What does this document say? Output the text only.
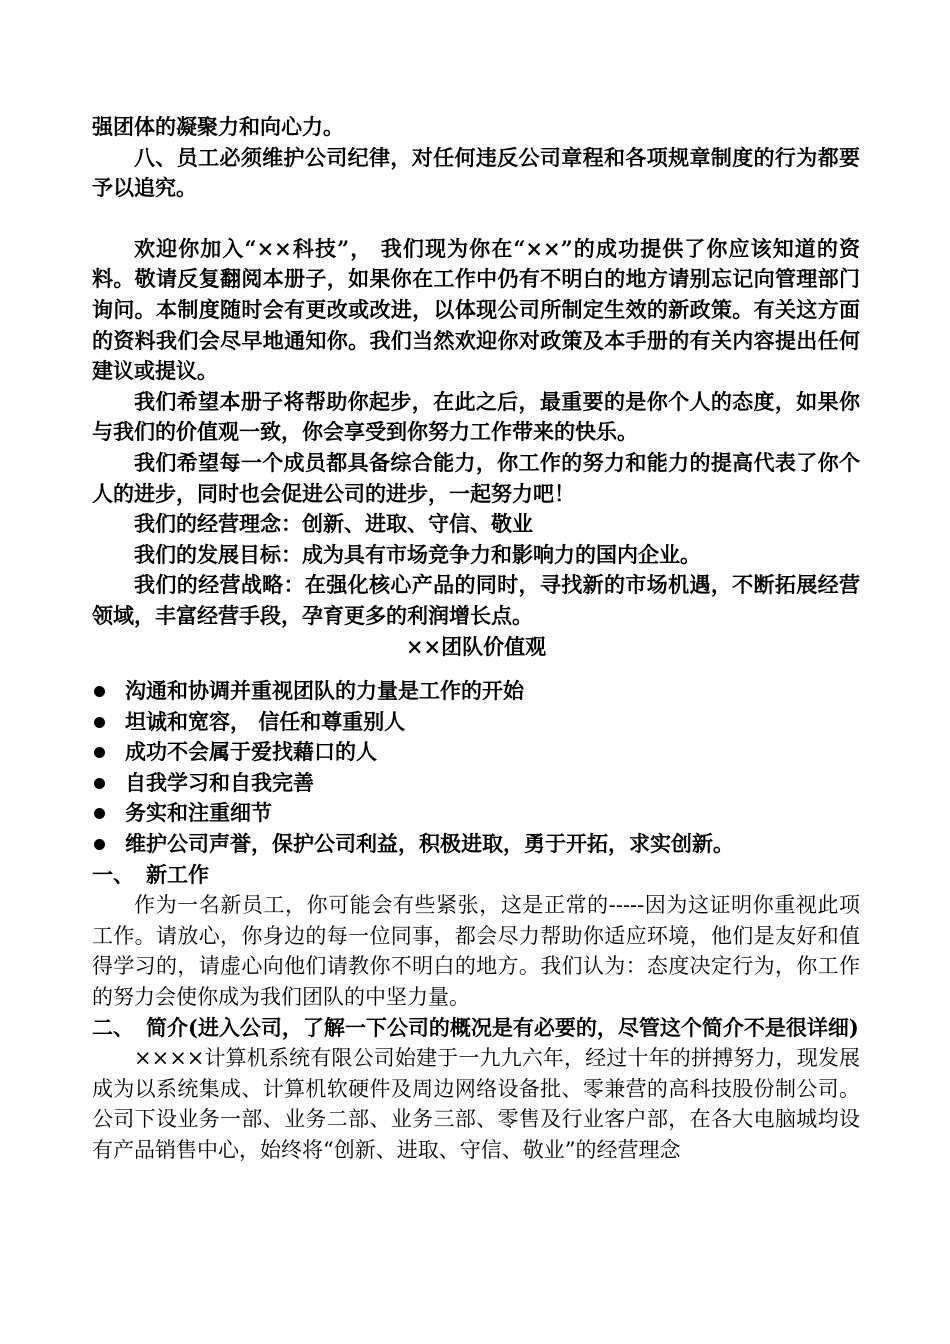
强团体的凝聚力和向心力。

八、员工必须维护公司纪律，对任何违反公司章程和各项规章制度的行为都要予以追究。

欢迎你加入“××科技”， 我们现为你在“××”的成功提供了你应该知道的资料。敬请反复翻阅本册子，如果你在工作中仍有不明白的地方请别忘记向管理部门询问。本制度随时会有更改或改进，以体现公司所制定生效的新政策。有关这方面的资料我们会尽早地通知你。我们当然欢迎你对政策及本手册的有关内容提出任何建议或提议。

我们希望本册子将帮助你起步，在此之后，最重要的是你个人的态度，如果你与我们的价值观一致，你会享受到你努力工作带来的快乐。

我们希望每一个成员都具备综合能力，你工作的努力和能力的提高代表了你个人的进步，同时也会促进公司的进步，一起努力吧！

我们的经营理念：创新、进取、守信、敬业

我们的发展目标：成为具有市场竞争力和影响力的国内企业。

我们的经营战略：在强化核心产品的同时，寻找新的市场机遇，不断拓展经营领域，丰富经营手段，孕育更多的利润增长点。

××团队价值观

沟通和协调并重视团队的力量是工作的开始
坦诚和宽容， 信任和尊重别人
成功不会属于爱找藉口的人
自我学习和自我完善
务实和注重细节
维护公司声誉，保护公司利益，积极进取，勇于开拓，求实创新。

一、 新工作

作为一名新员工，你可能会有些紧张，这是正常的-----因为这证明你重视此项工作。请放心，你身边的每一位同事，都会尽力帮助你适应环境，他们是友好和值得学习的，请虚心向他们请教你不明白的地方。我们认为：态度决定行为，你工作的努力会使你成为我们团队的中坚力量。

二、 简介(进入公司，了解一下公司的概况是有必要的，尽管这个简介不是很详细)

××××计算机系统有限公司始建于一九九六年，经过十年的拼搏努力，现发展成为以系统集成、计算机软硬件及周边网络设备批、零兼营的高科技股份制公司。公司下设业务一部、业务二部、业务三部、零售及行业客户部，在各大电脑城均设有产品销售中心，始终将“创新、进取、守信、敬业”的经营理念
